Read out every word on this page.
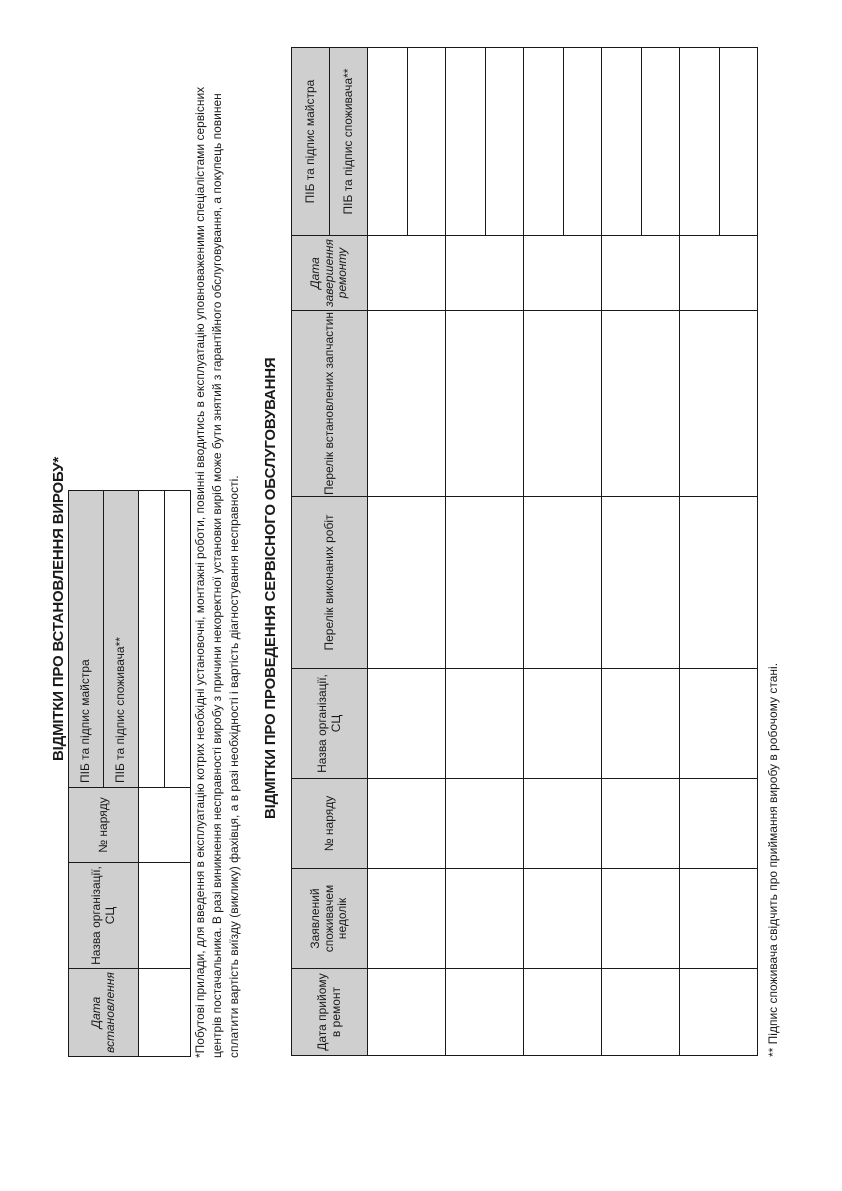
ВІДМІТКИ ПРО ВСТАНОВЛЕННЯ ВИРОБУ*
Дата встановлення	Назва організації, СЦ	№ наряду	ПІБ та підпис майстра
			ПІБ та підпис споживача**
				*Побутові прилади, для введення в експлуатацію котрих необхідні установочні, монтажні роботи, повинні вводитись в експлуатацію уповноваженими спеціалістами сервісних центрів постачальника. В разі виникнення несправності виробу з причини некоректної установки виріб може бути знятий з гарантійного обслуговування, а покупець повинен сплатити вартість виїзду (виклику) фахівця, а в разі необхідності і вартість діагностування несправності. ВІДМІТКИ ПРО ПРОВЕДЕННЯ СЕРВІСНОГО ОБСЛУГОВУВАННЯ
Дата прийому в ремонт	Заявлений споживачем недолік	№ наряду	Назва організації, СЦ	Перелік виконаних робіт	Перелік встановлених запчастин	Дата завершення ремонту	ПІБ та підпис майстра
							ПІБ та підпис споживача**

** Підпис споживача свідчить про приймання виробу в робочому стані.
